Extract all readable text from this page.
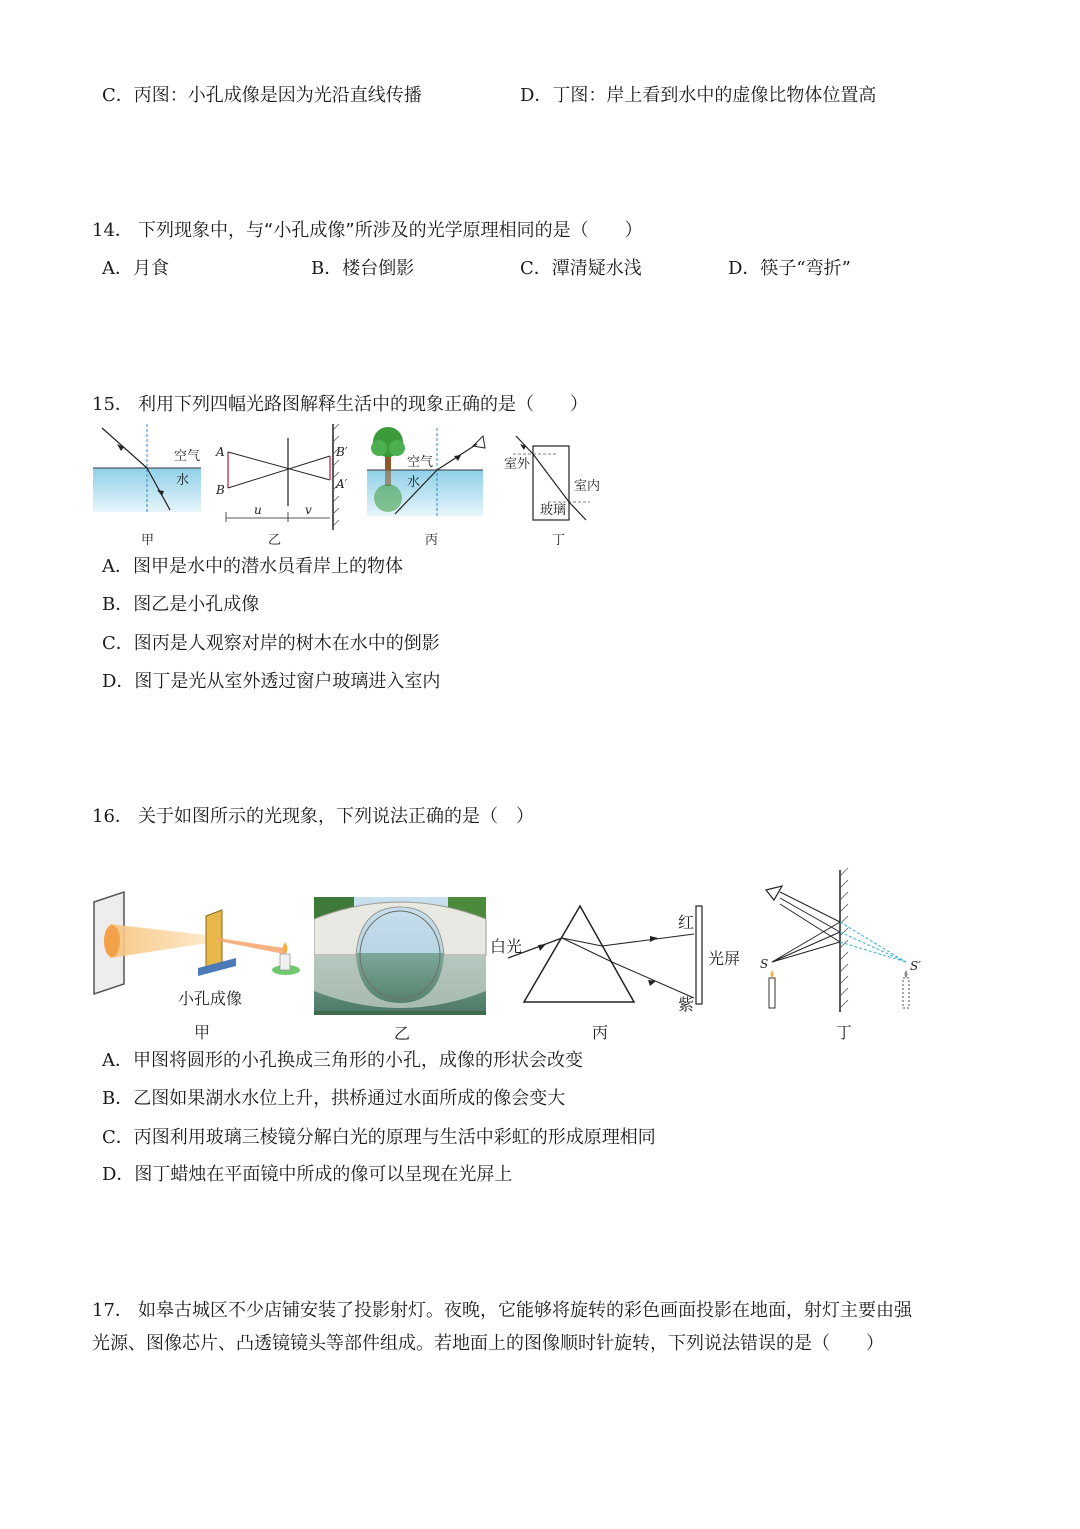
C．丙图：小孔成像是因为光沿直线传播	D．丁图：岸上看到水中的虚像比物体位置高
14． 下列现象中，与“小孔成像”所涉及的光学原理相同的是（　　）
A．月食	B．楼台倒影	C．潭清疑水浅	D．筷子“弯折”
15． 利用下列四幅光路图解释生活中的现象正确的是（　　）
空气
水
甲
A
B
B′
A′
u	v
乙
空气
水
丙
室外
室内
玻璃
丁
A．图甲是水中的潜水员看岸上的物体
B．图乙是小孔成像
C．图丙是人观察对岸的树木在水中的倒影
D．图丁是光从室外透过窗户玻璃进入室内
16． 关于如图所示的光现象，下列说法正确的是（　）
小孔成像
甲	乙
白光
红
紫
光屏
丙
S	S′
丁
A．甲图将圆形的小孔换成三角形的小孔，成像的形状会改变
B．乙图如果湖水水位上升，拱桥通过水面所成的像会变大
C．丙图利用玻璃三棱镜分解白光的原理与生活中彩虹的形成原理相同
D．图丁蜡烛在平面镜中所成的像可以呈现在光屏上
17． 如皋古城区不少店铺安装了投影射灯。夜晚，它能够将旋转的彩色画面投影在地面，射灯主要由强
光源、图像芯片、凸透镜镜头等部件组成。若地面上的图像顺时针旋转，下列说法错误的是（　　）
